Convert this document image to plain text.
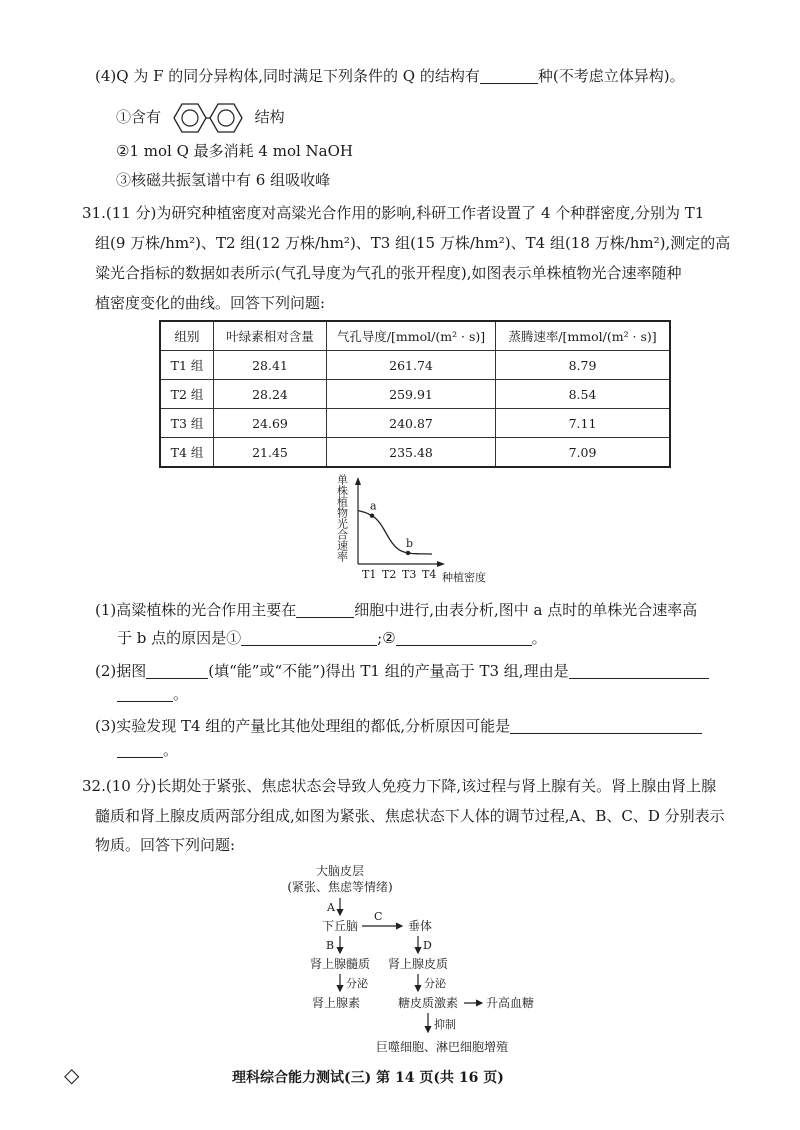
(4)Q 为 F 的同分异构体,同时满足下列条件的 Q 的结构有	种(不考虑立体异构)。
①含有	结构
②1 mol Q 最多消耗 4 mol NaOH
③核磁共振氢谱中有 6 组吸收峰
31.(11 分)为研究种植密度对高粱光合作用的影响,科研工作者设置了 4 个种群密度,分别为 T1
组(9 万株/hm²)、T2 组(12 万株/hm²)、T3 组(15 万株/hm²)、T4 组(18 万株/hm²),测定的高
粱光合指标的数据如表所示(气孔导度为气孔的张开程度),如图表示单株植物光合速率随种
植密度变化的曲线。回答下列问题:
组别	叶绿素相对含量	气孔导度/[mmol/(m² · s)]	蒸腾速率/[mmol/(m² · s)]
T1 组	28.41	261.74	8.79
T2 组	28.24	259.91	8.54
T3 组	24.69	240.87	7.11
T4 组	21.45	235.48	7.09
单株植物光合速率 a
b
T1 T2 T3 T4 种植密度
(1)高粱植株的光合作用主要在	细胞中进行,由表分析,图中 a 点时的单株光合速率高
于 b 点的原因是①	;②	。
(2)据图	(填“能”或“不能”)得出 T1 组的产量高于 T3 组,理由是
。
(3)实验发现 T4 组的产量比其他处理组的都低,分析原因可能是
。
32.(10 分)长期处于紧张、焦虑状态会导致人免疫力下降,该过程与肾上腺有关。肾上腺由肾上腺
髓质和肾上腺皮质两部分组成,如图为紧张、焦虑状态下人体的调节过程,A、B、C、D 分别表示
物质。回答下列问题:
大脑皮层
(紧张、焦虑等情绪)
A
下丘脑
C
垂体
B	D
肾上腺髓质 肾上腺皮质
分泌	分泌
肾上腺素	糖皮质激素 升高血糖
抑制
巨噬细胞、淋巴细胞增殖
◇	理科综合能力测试(三) 第 14 页(共 16 页)
